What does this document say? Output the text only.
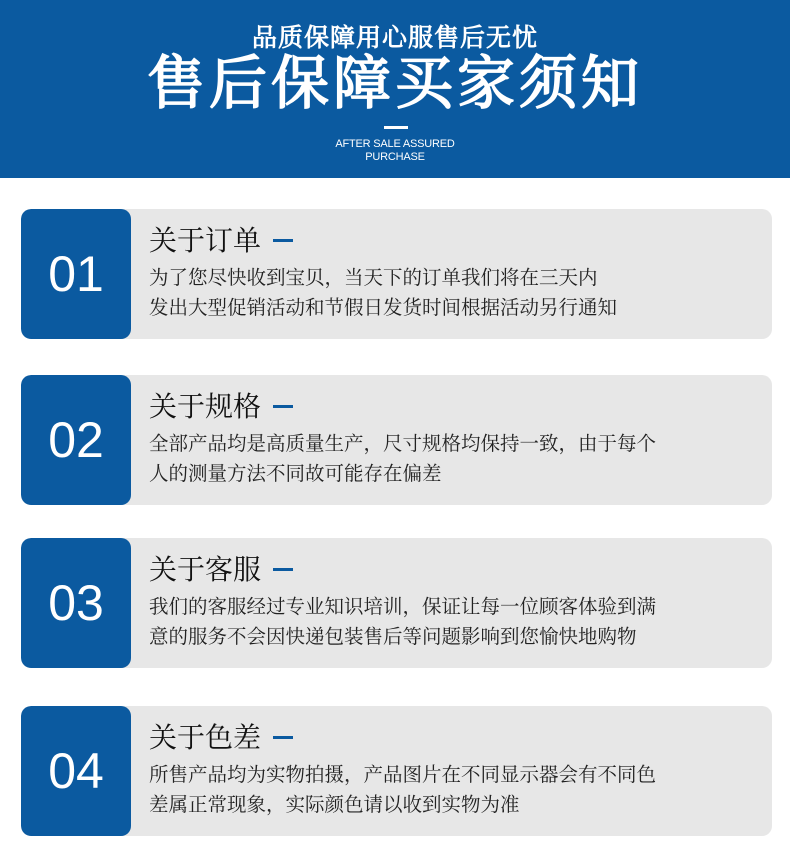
品质保障用心服售后无忧
售后保障买家须知
AFTER SALE ASSURED
PURCHASE
01
关于订单
为了您尽快收到宝贝，当天下的订单我们将在三天内
发出大型促销活动和节假日发货时间根据活动另行通知
02
关于规格
全部产品均是高质量生产，尺寸规格均保持一致，由于每个
人的测量方法不同故可能存在偏差
03
关于客服
我们的客服经过专业知识培训，保证让每一位顾客体验到满
意的服务不会因快递包装售后等问题影响到您愉快地购物
04
关于色差
所售产品均为实物拍摄，产品图片在不同显示器会有不同色
差属正常现象，实际颜色请以收到实物为准
